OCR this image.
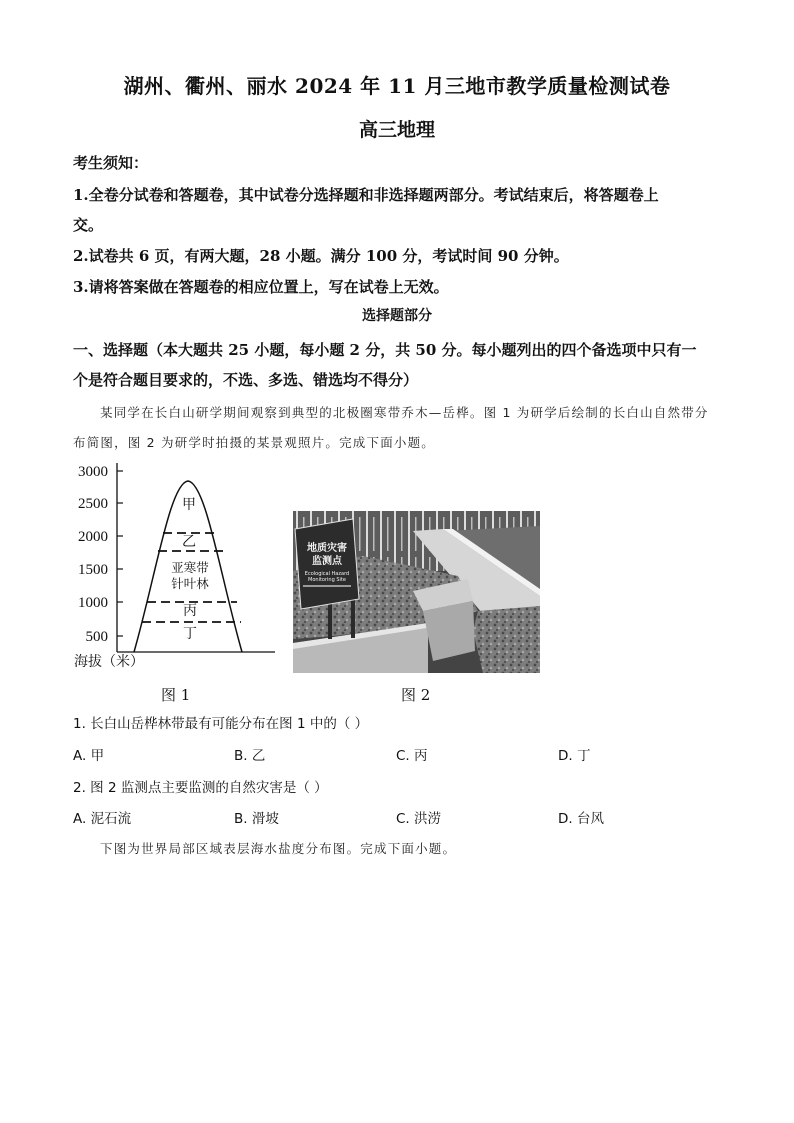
湖州、衢州、丽水 2024 年 11 月三地市教学质量检测试卷
高三地理
考生须知：
1.全卷分试卷和答题卷，其中试卷分选择题和非选择题两部分。考试结束后，将答题卷上
交。
2.试卷共 6 页，有两大题，28 小题。满分 100 分，考试时间 90 分钟。
3.请将答案做在答题卷的相应位置上，写在试卷上无效。
选择题部分
一、选择题（本大题共 25 小题，每小题 2 分，共 50 分。每小题列出的四个备选项中只有一
个是符合题目要求的，不选、多选、错选均不得分）
某同学在长白山研学期间观察到典型的北极圈寒带乔木—岳桦。图 1 为研学后绘制的长白山自然带分
布简图，图 2 为研学时拍摄的某景观照片。完成下面小题。
3000
2500
2000
1500
1000
500
甲
乙
亚寒带
针叶林
丙
丁
海拔（米）
地质灾害
监测点
Ecological Hazard
Monitoring Site
图 1	图 2
1. 长白山岳桦林带最有可能分布在图 1 中的（ ）
A. 甲	B. 乙	C. 丙	D. 丁
2. 图 2 监测点主要监测的自然灾害是（ ）
A. 泥石流	B. 滑坡	C. 洪涝	D. 台风
下图为世界局部区域表层海水盐度分布图。完成下面小题。
